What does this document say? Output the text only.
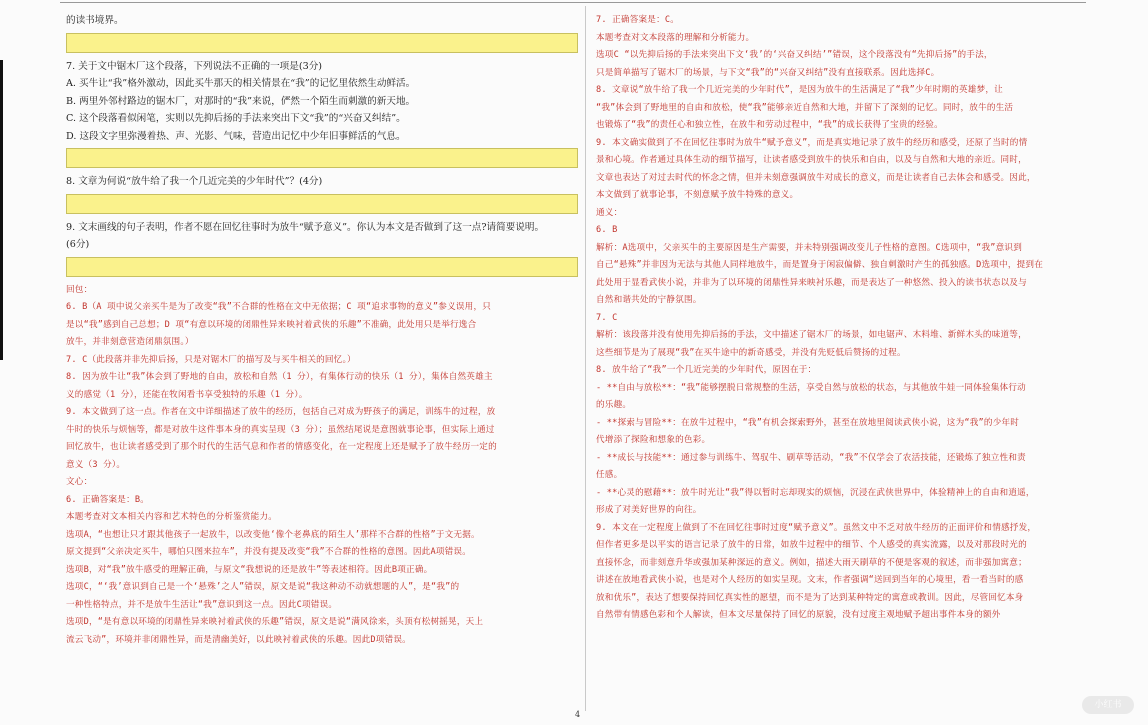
的读书境界。
7. 关于文中锯木厂这个段落，下列说法不正确的一项是(3分)
A. 买牛让“我”格外激动，因此买牛那天的相关情景在“我”的记忆里依然生动鲜活。
B. 两里外邻村路边的锯木厂，对那时的“我”来说，俨然一个陌生而刺激的新天地。
C. 这个段落看似闲笔，实则以先抑后扬的手法来突出下文“我”的“兴奋又纠结”。
D. 这段文字里弥漫着热、声、光影、气味，营造出记忆中少年旧事鲜活的气息。
8. 文章为何说“放牛给了我一个几近完美的少年时代”？(4分)
9. 文末画线的句子表明，作者不愿在回忆往事时为放牛“赋予意义”。你认为本文是否做到了这一点?请简要说明。
(6分)
回包：
6. B（A 项中说父亲买牛是为了改变“我”不合群的性格在文中无依据；C 项“追求事物的意义”参义误用，只
是以“我”感到自己总想；D 项“有意以环境的闭鼎性异来映衬着武侠的乐趣”不准确，此处用只是举行逸合
放牛，并非刻意营造闭鼎氛围。）
7. C（此段落并非先抑后扬，只是对锯木厂的描写及与买牛相关的回忆。）
8. 因为放牛让“我”体会到了野地的自由，放松和自然（1 分），有集体行动的快乐（1 分），集体自然英雄主
义的感觉（1 分），还能在牧闲看书享受独特的乐趣（1 分）。
9. 本文做到了这一点。作者在文中详细描述了放牛的经历，包括自己对成为野孩子的满足，训练牛的过程，放
牛时的快乐与烦恼等，都是对放牛这件事本身的真实呈现（3 分）；虽然结尾说是意图就事论事，但实际上通过
回忆放牛，也让读者感受到了那个时代的生活气息和作者的情感变化，在一定程度上还是赋予了放牛经历一定的
意义（3 分）。
文心：
6. 正确答案是：B。
本题考查对文本相关内容和艺术特色的分析鉴赏能力。
选项A，“也想让只才跟其他孩子一起放牛，以改变他‘像个老鼻底的陌生人’那样不合群的性格”于文无据。
原文提到“父亲决定买牛，哪怕只图来拉车”，并没有提及改变“我”不合群的性格的意图。因此A项错误。
选项B，对“我”放牛感受的理解正确，与原文“我想说的还是放牛”等表述相符。因此B项正确。
选项C，“‘我’意识到自己是一个‘悬殊’之人”错误，原文是说“我这种动不动就想题的人”，是“我”的
一种性格特点，并不是放牛生活让“我”意识到这一点。因此C项错误。
选项D，“是有意以环境的闭鼎性异来映衬着武侠的乐趣”错误，原文是说“满风徐来，头顶有松树摇晃，天上
流云飞动”，环境并非闭鼎性异，而是清幽美好，以此映衬着武侠的乐趣。因此D项错误。
7. 正确答案是：C。
本题考查对文本段落的理解和分析能力。
选项C “以先抑后扬的手法来突出下文‘我’的‘兴奋又纠结’”错误，这个段落没有“先抑后扬”的手法，
只是简单描写了锯木厂的场景，与下文“我”的“兴奋又纠结”没有直接联系。因此选择C。
8. 文章说“放牛给了我一个几近完美的少年时代”，是因为放牛的生活满足了“我”少年时期的英雄梦，让
“我”体会到了野地里的自由和放松，使“我”能够亲近自然和大地，并留下了深刻的记忆。同时，放牛的生活
也锻炼了“我”的责任心和独立性，在放牛和劳动过程中，“我”的成长获得了宝贵的经验。
9. 本文确实做到了不在回忆往事时为放牛“赋予意义”，而是真实地记录了放牛的经历和感受，还原了当时的情
景和心境。作者通过具体生动的细节描写，让读者感受到放牛的快乐和自由，以及与自然和大地的亲近。同时，
文章也表达了对过去时代的怀念之情，但并未刻意强调放牛对成长的意义，而是让读者自己去体会和感受。因此，
本文做到了就事论事，不刻意赋予放牛特殊的意义。
通义：
6. B
解析：A选项中，父亲买牛的主要原因是生产需要，并未特别强调改变儿子性格的意图。C选项中，“我”意识到
自己“悬殊”并非因为无法与其他人同样地放牛，而是置身于闲寂偏僻、独自刺激时产生的孤独感。D选项中，提到在
此处用于显看武侠小说，并非为了以环境的闭鼎性异来映衬乐趣，而是表达了一种悠然、投入的读书状态以及与
自然和谐共处的宁静氛围。
7. C
解析：该段落并没有使用先抑后扬的手法，文中描述了锯木厂的场景，如电锯声、木料堆、新鲜木头的味道等，
这些细节是为了展现“我”在买牛途中的新奇感受，并没有先贬低后赞扬的过程。
8. 放牛给了“我”一个几近完美的少年时代，原因在于：
- **自由与放松**：“我”能够摆脱日常规整的生活，享受自然与放松的状态，与其他放牛娃一同体验集体行动
的乐趣。
- **探索与冒险**：在放牛过程中，“我”有机会探索野外，甚至在放地里阅读武侠小说，这为“我”的少年时
代增添了探险和想象的色彩。
- **成长与技能**：通过参与训练牛、驾驭牛、刷草等活动，“我”不仅学会了农活技能，还锻炼了独立性和责
任感。
- **心灵的慰藉**：放牛时光让“我”得以暂时忘却现实的烦恼，沉浸在武侠世界中，体验精神上的自由和逍遥，
形成了对美好世界的向往。
9. 本文在一定程度上做到了不在回忆往事时过度“赋予意义”。虽然文中不乏对放牛经历的正面评价和情感抒发，
但作者更多是以平实的语言记录了放牛的日常，如放牛过程中的细节、个人感受的真实流露，以及对那段时光的
直接怀念，而非刻意升华或强加某种深远的意义。例如，描述大雨天刷草的不便是客观的叙述，而非强加寓意；
讲述在放地看武侠小说，也是对个人经历的如实呈现。文末，作者强调“送回到当年的心境里，看一看当时的感
放和优乐”，表达了想要保持回忆真实性的愿望，而不是为了达到某种特定的寓意或教训。因此，尽管回忆本身
自然带有情感色彩和个人解读，但本文尽量保持了回忆的原貌，没有过度主观地赋予超出事件本身的额外
4
小红书
